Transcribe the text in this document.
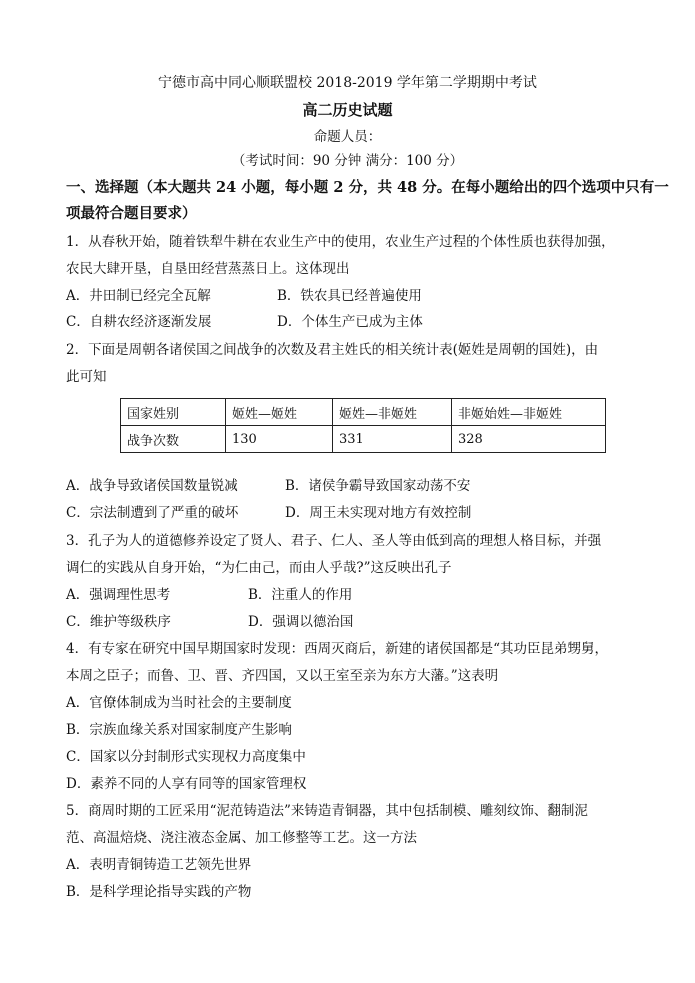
宁德市高中同心顺联盟校 2018-2019 学年第二学期期中考试
高二历史试题
命题人员：
（考试时间：90 分钟 满分：100 分）
一、选择题（本大题共 24 小题，每小题 2 分，共 48 分。在每小题给出的四个选项中只有一
项最符合题目要求）
1．从春秋开始，随着铁犁牛耕在农业生产中的使用，农业生产过程的个体性质也获得加强，
农民大肆开垦，自垦田经营蒸蒸日上。这体现出
A．井田制已经完全瓦解	B．铁农具已经普遍使用
C．自耕农经济逐渐发展	D．个体生产已成为主体
2．下面是周朝各诸侯国之间战争的次数及君主姓氏的相关统计表(姬姓是周朝的国姓)，由
此可知
国家姓别	姬姓—姬姓	姬姓—非姬姓	非姬始姓—非姬姓
战争次数	130	331	328
A．战争导致诸侯国数量锐减	B．诸侯争霸导致国家动荡不安
C．宗法制遭到了严重的破坏	D．周王未实现对地方有效控制
3．孔子为人的道德修养设定了贤人、君子、仁人、圣人等由低到高的理想人格目标，并强
调仁的实践从自身开始，“为仁由己，而由人乎哉?”这反映出孔子
A．强调理性思考	B．注重人的作用
C．维护等级秩序	D．强调以德治国
4．有专家在研究中国早期国家时发现：西周灭商后，新建的诸侯国都是“其功臣昆弟甥舅，
本周之臣子；而鲁、卫、晋、齐四国，又以王室至亲为东方大藩。”这表明
A．官僚体制成为当时社会的主要制度
B．宗族血缘关系对国家制度产生影响
C．国家以分封制形式实现权力高度集中
D．素养不同的人享有同等的国家管理权
5．商周时期的工匠采用“泥范铸造法”来铸造青铜器，其中包括制模、雕刻纹饰、翻制泥
范、高温焙烧、浇注液态金属、加工修整等工艺。这一方法
A．表明青铜铸造工艺领先世界
B．是科学理论指导实践的产物
